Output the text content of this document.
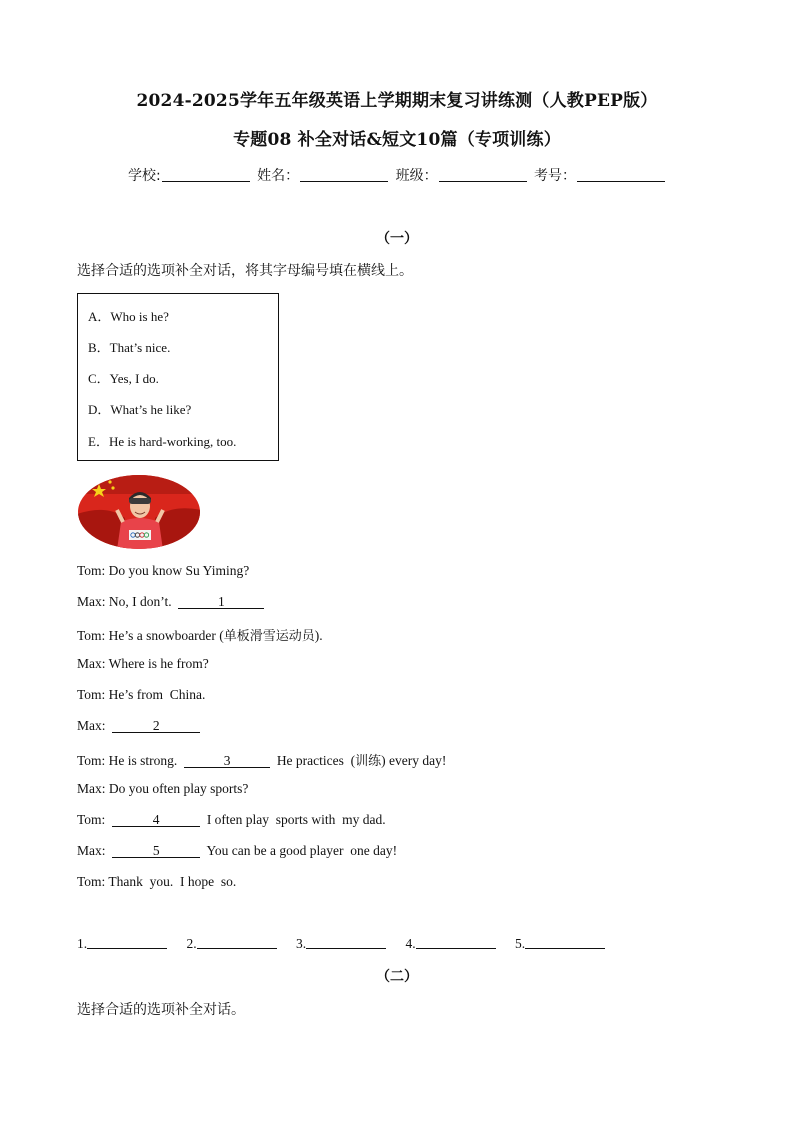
2024-2025学年五年级英语上学期期末复习讲练测（人教PEP版）
专题08 补全对话&短文10篇（专项训练）
学校:	姓名：	班级：	考号：
（一）
选择合适的选项补全对话，将其字母编号填在横线上。
A．Who is he?
B．That’s nice.
C．Yes, I do.
D．What’s he like?
E．He is hard-working, too.
Tom: Do you know Su Yiming?
Max: No, I don’t.	1
Tom: He’s a snowboarder (单板滑雪运动员).
Max: Where is he from?
Tom: He’s from  China.
Max:	2
Tom: He is strong.	3	He practices  (训练) every day!
Max: Do you often play sports?
Tom:	4	I often play  sports with  my dad.
Max:	5	You can be a good player  one day!
Tom: Thank  you.  I hope  so.
1.	2.	3.	4.	5.
（二）
选择合适的选项补全对话。
